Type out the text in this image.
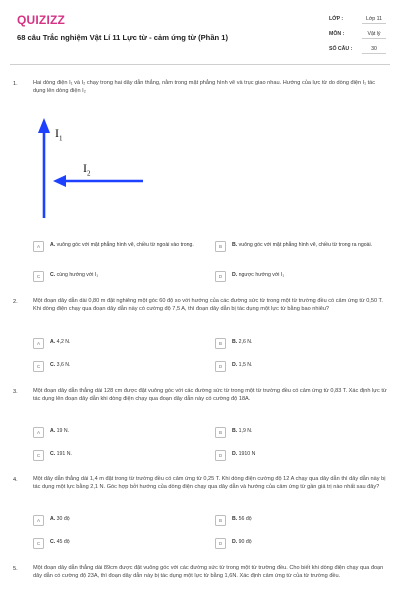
QUIZIZZ
68 câu Trắc nghiệm Vật Lí 11 Lực từ - cảm ứng từ (Phần 1)
LỚP :	Lớp 11
MÔN :	Vật lý
SỐ CÂU :	30
1.	Hai dòng điện I₁ và I₂ chạy trong hai dây dẫn thẳng, nằm trong mặt phẳng hình vẽ và trục giao nhau. Hướng của lực từ do dòng điện I₁ tác dụng lên dòng điện I₂
$I_1$
$I_2$
A	A. vuông góc với mặt phẳng hình vẽ, chiều từ ngoài vào trong.	B	B. vuông góc với mặt phẳng hình vẽ, chiều từ trong ra ngoài.
C	C. cùng hướng với I₁	D	D. ngược hướng với I₁
2.	Một đoạn dây dẫn dài 0,80 m đặt nghiêng một góc 60 độ so với hướng của các đường sức từ trong một từ trường đều có cảm ứng từ 0,50 T. Khi dòng điện chạy qua đoạn dây dẫn này có cường độ 7,5 A, thì đoạn dây dẫn bị tác dụng một lực từ bằng bao nhiêu?
A	A. 4,2 N.	B	B. 2,6 N.
C	C. 3,6 N.	D	D. 1,5 N.
3.	Một đoạn dây dẫn thẳng dài 128 cm được đặt vuông góc với các đường sức từ trong một từ trường đều có cảm ứng từ 0,83 T. Xác định lực từ tác dụng lên đoạn dây dẫn khi dòng điện chạy qua đoạn dây dẫn này có cường độ 18A.
A	A. 19 N.	B	B. 1,9 N.
C	C. 191 N.	D	D. 1910 N
4.	Một dây dẫn thẳng dài 1,4 m đặt trong từ trường đều có cảm ứng từ 0,25 T. Khi dòng điện cường độ 12 A chạy qua dây dẫn thì dây dẫn này bị tác dụng một lực bằng 2,1 N. Góc hợp bởi hướng của dòng điện chạy qua dây dẫn và hướng của cảm ứng từ gần giá trị nào nhất sau đây?
A	A. 30 độ	B	B. 56 độ
C	C. 45 độ	D	D. 90 độ
5.	Một đoạn dây dẫn thẳng dài 89cm được đặt vuông góc với các đường sức từ trong một từ trường đều. Cho biết khi dòng điện chạy qua đoạn dây dẫn có cường độ 23A, thì đoạn dây dẫn này bị tác dụng một lực từ bằng 1,6N. Xác định cảm ứng từ của từ trường đều.
